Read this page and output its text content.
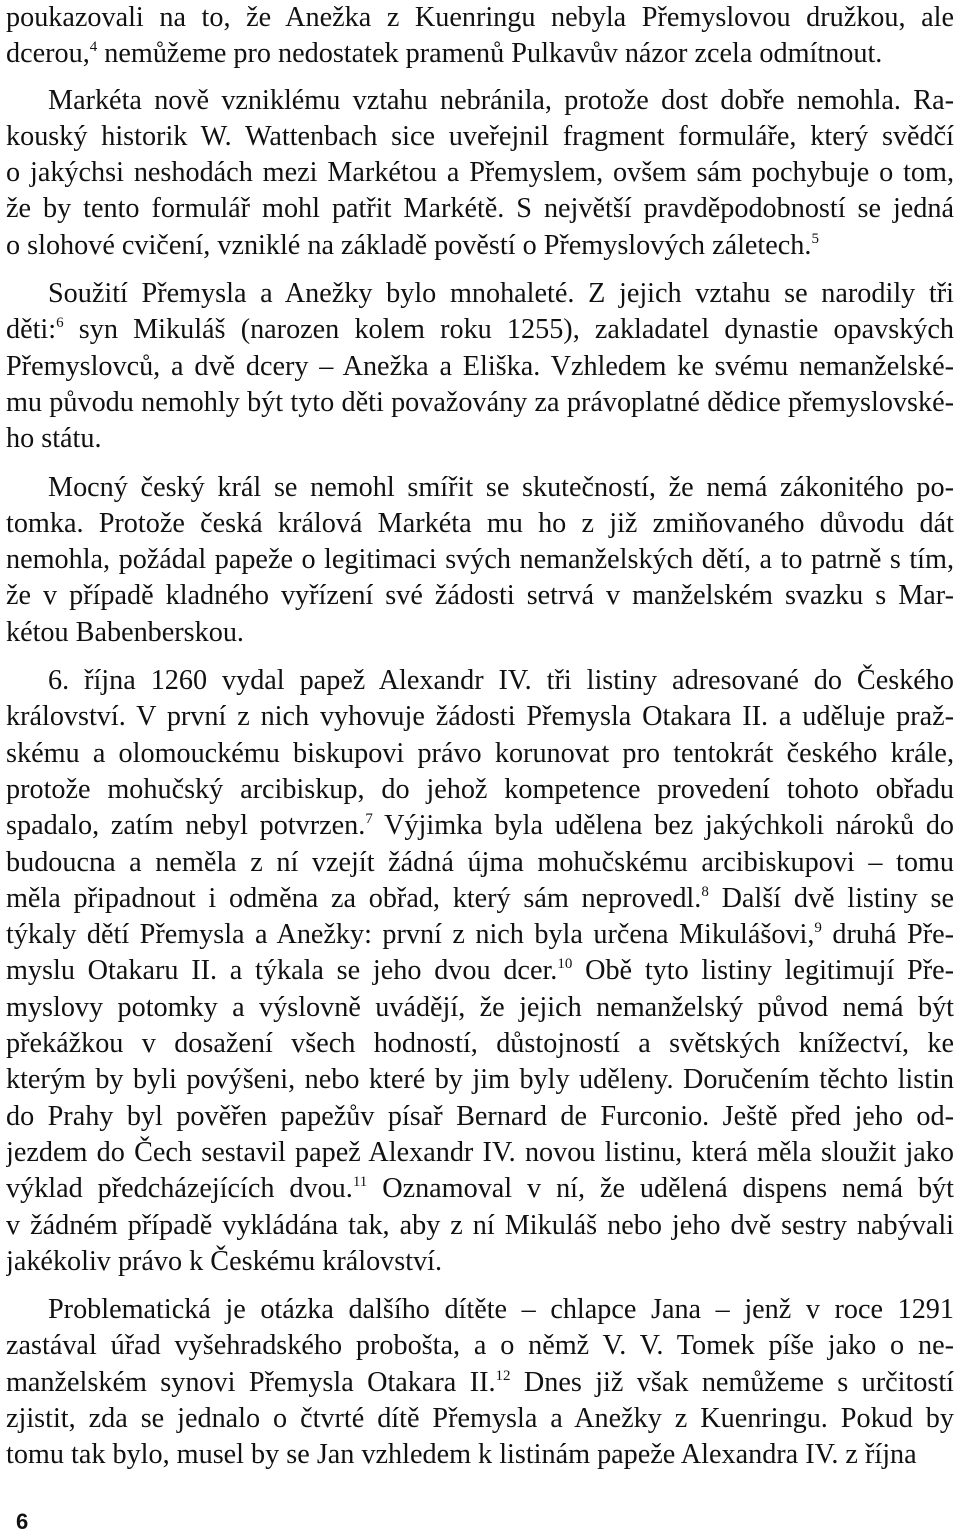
poukazovali na to, že Anežka z Kuenringu nebyla Přemyslovou družkou, ale
dcerou,$^4$ nemůžeme pro nedostatek pramenů Pulkavův názor zcela odmítnout.

Markéta nově vzniklému vztahu nebránila, protože dost dobře nemohla. Ra-
kouský historik W. Wattenbach sice uveřejnil fragment formuláře, který svědčí
o jakýchsi neshodách mezi Markétou a Přemyslem, ovšem sám pochybuje o tom,
že by tento formulář mohl patřit Markétě. S největší pravděpodobností se jedná
o slohové cvičení, vzniklé na základě pověstí o Přemyslových záletech.$^5$

Soužití Přemysla a Anežky bylo mnohaleté. Z jejich vztahu se narodily tři
děti:$^6$ syn Mikuláš (narozen kolem roku 1255), zakladatel dynastie opavských
Přemyslovců, a dvě dcery – Anežka a Eliška. Vzhledem ke svému nemanželské-
mu původu nemohly být tyto děti považovány za právoplatné dědice přemyslovské-
ho státu.

Mocný český král se nemohl smířit se skutečností, že nemá zákonitého po-
tomka. Protože česká králová Markéta mu ho z již zmiňovaného důvodu dát
nemohla, požádal papeže o legitimaci svých nemanželských dětí, a to patrně s tím,
že v případě kladného vyřízení své žádosti setrvá v manželském svazku s Mar-
kétou Babenberskou.

6. října 1260 vydal papež Alexandr IV. tři listiny adresované do Českého
království. V první z nich vyhovuje žádosti Přemysla Otakara II. a uděluje praž-
skému a olomouckému biskupovi právo korunovat pro tentokrát českého krále,
protože mohučský arcibiskup, do jehož kompetence provedení tohoto obřadu
spadalo, zatím nebyl potvrzen.$^7$ Výjimka byla udělena bez jakýchkoli nároků do
budoucna a neměla z ní vzejít žádná újma mohučskému arcibiskupovi – tomu
měla připadnout i odměna za obřad, který sám neprovedl.$^8$ Další dvě listiny se
týkaly dětí Přemysla a Anežky: první z nich byla určena Mikulášovi,$^9$ druhá Pře-
myslu Otakaru II. a týkala se jeho dvou dcer.$^{10}$ Obě tyto listiny legitimují Pře-
myslovy potomky a výslovně uvádějí, že jejich nemanželský původ nemá být
překážkou v dosažení všech hodností, důstojností a světských knížectví, ke
kterým by byli povýšeni, nebo které by jim byly uděleny. Doručením těchto listin
do Prahy byl pověřen papežův písař Bernard de Furconio. Ještě před jeho od-
jezdem do Čech sestavil papež Alexandr IV. novou listinu, která měla sloužit jako
výklad předcházejících dvou.$^{11}$ Oznamoval v ní, že udělená dispens nemá být
v žádném případě vykládána tak, aby z ní Mikuláš nebo jeho dvě sestry nabývali
jakékoliv právo k Českému království.

Problematická je otázka dalšího dítěte – chlapce Jana – jenž v roce 1291
zastával úřad vyšehradského probošta, a o němž V. V. Tomek píše jako o ne-
manželském synovi Přemysla Otakara II.$^{12}$ Dnes již však nemůžeme s určitostí
zjistit, zda se jednalo o čtvrté dítě Přemysla a Anežky z Kuenringu. Pokud by
tomu tak bylo, musel by se Jan vzhledem k listinám papeže Alexandra IV. z října

6
